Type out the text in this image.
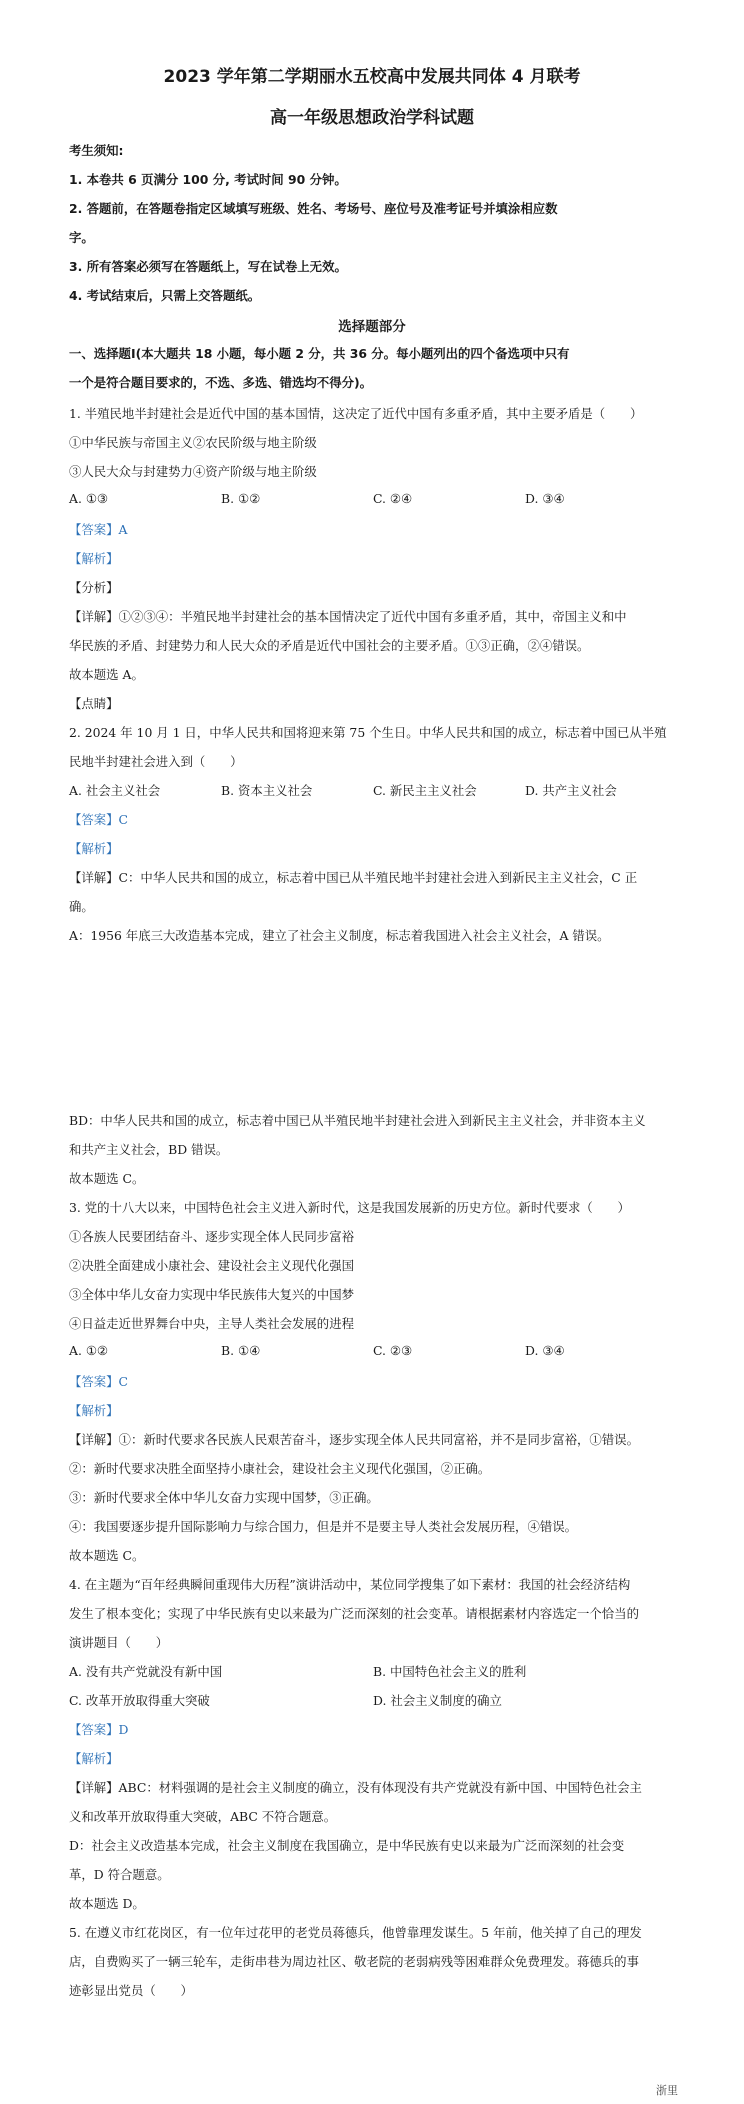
2023 学年第二学期丽水五校高中发展共同体 4 月联考
高一年级思想政治学科试题
考生须知:
1. 本卷共 6 页满分 100 分, 考试时间 90 分钟。
2. 答题前，在答题卷指定区域填写班级、姓名、考场号、座位号及准考证号并填涂相应数
字。
3. 所有答案必须写在答题纸上，写在试卷上无效。
4. 考试结束后，只需上交答题纸。
选择题部分
一、选择题Ⅰ(本大题共 18 小题，每小题 2 分，共 36 分。每小题列出的四个备选项中只有
一个是符合题目要求的，不选、多选、错选均不得分)。
1. 半殖民地半封建社会是近代中国的基本国情，这决定了近代中国有多重矛盾，其中主要矛盾是（　　）
①中华民族与帝国主义②农民阶级与地主阶级
③人民大众与封建势力④资产阶级与地主阶级
A. ①③	B. ①②	C. ②④	D. ③④
【答案】A
【解析】
【分析】
【详解】①②③④：半殖民地半封建社会的基本国情决定了近代中国有多重矛盾，其中，帝国主义和中
华民族的矛盾、封建势力和人民大众的矛盾是近代中国社会的主要矛盾。①③正确，②④错误。
故本题选 A。
【点睛】
2. 2024 年 10 月 1 日，中华人民共和国将迎来第 75 个生日。中华人民共和国的成立，标志着中国已从半殖
民地半封建社会进入到（　　）
A. 社会主义社会	B. 资本主义社会	C. 新民主主义社会	D. 共产主义社会
【答案】C
【解析】
【详解】C：中华人民共和国的成立，标志着中国已从半殖民地半封建社会进入到新民主主义社会，C 正
确。
A：1956 年底三大改造基本完成，建立了社会主义制度，标志着我国进入社会主义社会，A 错误。
BD：中华人民共和国的成立，标志着中国已从半殖民地半封建社会进入到新民主主义社会，并非资本主义
和共产主义社会，BD 错误。
故本题选 C。
3. 党的十八大以来，中国特色社会主义进入新时代，这是我国发展新的历史方位。新时代要求（　　）
①各族人民要团结奋斗、逐步实现全体人民同步富裕
②决胜全面建成小康社会、建设社会主义现代化强国
③全体中华儿女奋力实现中华民族伟大复兴的中国梦
④日益走近世界舞台中央，主导人类社会发展的进程
A. ①②	B. ①④	C. ②③	D. ③④
【答案】C
【解析】
【详解】①：新时代要求各民族人民艰苦奋斗，逐步实现全体人民共同富裕，并不是同步富裕，①错误。
②：新时代要求决胜全面坚持小康社会，建设社会主义现代化强国，②正确。
③：新时代要求全体中华儿女奋力实现中国梦，③正确。
④：我国要逐步提升国际影响力与综合国力，但是并不是要主导人类社会发展历程，④错误。
故本题选 C。
4. 在主题为“百年经典瞬间重现伟大历程”演讲活动中，某位同学搜集了如下素材：我国的社会经济结构
发生了根本变化；实现了中华民族有史以来最为广泛而深刻的社会变革。请根据素材内容选定一个恰当的
演讲题目（　　）
A. 没有共产党就没有新中国	B. 中国特色社会主义的胜利
C. 改革开放取得重大突破	D. 社会主义制度的确立
【答案】D
【解析】
【详解】ABC：材料强调的是社会主义制度的确立，没有体现没有共产党就没有新中国、中国特色社会主
义和改革开放取得重大突破，ABC 不符合题意。
D：社会主义改造基本完成，社会主义制度在我国确立，是中华民族有史以来最为广泛而深刻的社会变
革，D 符合题意。
故本题选 D。
5. 在遵义市红花岗区，有一位年过花甲的老党员蒋德兵，他曾靠理发谋生。5 年前，他关掉了自己的理发
店，自费购买了一辆三轮车，走街串巷为周边社区、敬老院的老弱病残等困难群众免费理发。蒋德兵的事
迹彰显出党员（　　）
浙里
